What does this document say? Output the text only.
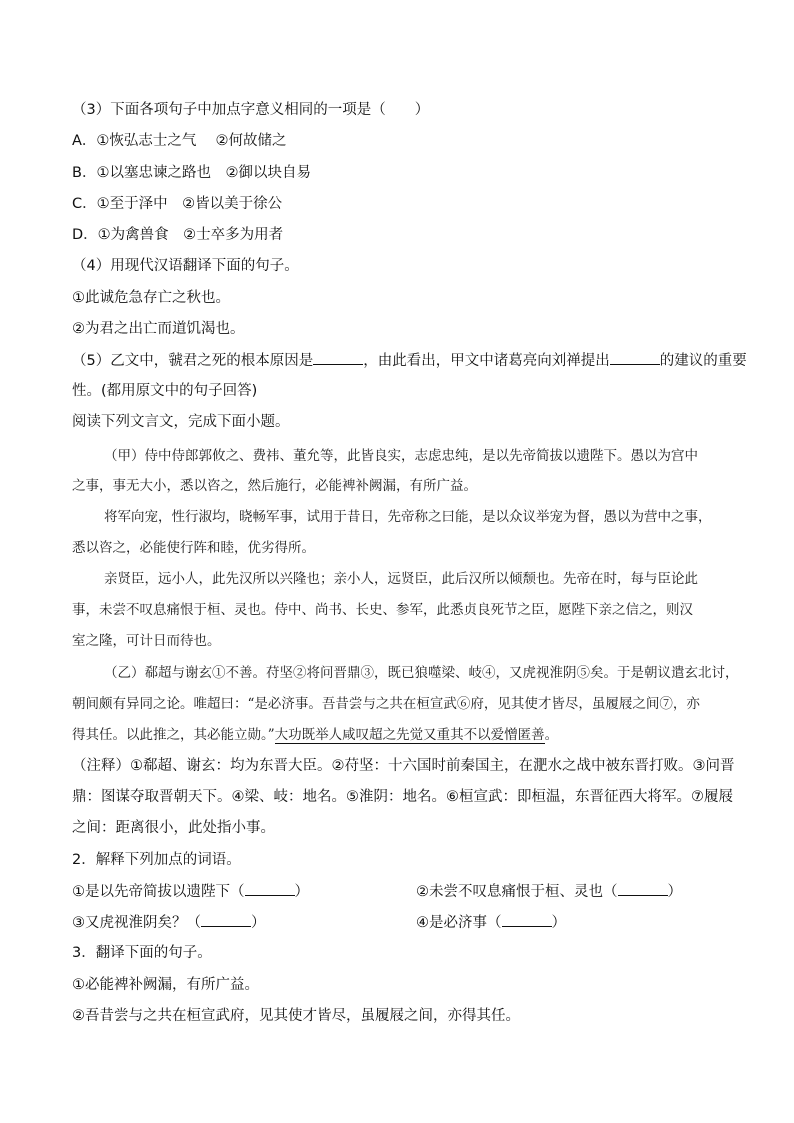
（3）下面各项句子中加点字意义相同的一项是（　　）
A．①恢弘志士之气　 ②何故储之
B．①以塞忠谏之路也　②御以块自易
C．①至于泽中　②皆以美于徐公
D．①为禽兽食　②士卒多为用者
（4）用现代汉语翻译下面的句子。
①此诚危急存亡之秋也。
②为君之出亡而道饥渴也。
（5）乙文中，虢君之死的根本原因是	，由此看出，甲文中诸葛亮向刘禅提出	的建议的重要
性。(都用原文中的句子回答)
阅读下列文言文，完成下面小题。
（甲）侍中侍郎郭攸之、费祎、董允等，此皆良实，志虑忠纯，是以先帝简拔以遗陛下。愚以为宫中
之事，事无大小，悉以咨之，然后施行，必能裨补阙漏，有所广益。
将军向宠，性行淑均，晓畅军事，试用于昔日，先帝称之曰能，是以众议举宠为督，愚以为营中之事，
悉以咨之，必能使行阵和睦，优劣得所。
亲贤臣，远小人，此先汉所以兴隆也；亲小人，远贤臣，此后汉所以倾颓也。先帝在时，每与臣论此
事，未尝不叹息痛恨于桓、灵也。侍中、尚书、长史、参军，此悉贞良死节之臣，愿陛下亲之信之，则汉
室之隆，可计日而待也。
（乙）郗超与谢玄①不善。苻坚②将问晋鼎③，既已狼噬梁、岐④，又虎视淮阴⑤矣。于是朝议遣玄北讨，
朝间颇有异同之论。唯超曰：“是必济事。吾昔尝与之共在桓宣武⑥府，见其使才皆尽，虽履屐之间⑦，亦
得其任。以此推之，其必能立勋。”大功既举人咸叹超之先觉又重其不以爱憎匿善。
（注释）①郗超、谢玄：均为东晋大臣。②苻坚：十六国时前秦国主，在淝水之战中被东晋打败。③问晋
鼎：图谋夺取晋朝天下。④梁、岐：地名。⑤淮阴：地名。⑥桓宣武：即桓温，东晋征西大将军。⑦履屐
之间：距离很小，此处指小事。
2．解释下列加点的词语。
①是以先帝简拔以遗陛下（	）	②未尝不叹息痛恨于桓、灵也（	）
③又虎视淮阴矣？（	）	④是必济事（	）
3．翻译下面的句子。
①必能裨补阙漏，有所广益。
②吾昔尝与之共在桓宣武府，见其使才皆尽，虽履屐之间，亦得其任。
